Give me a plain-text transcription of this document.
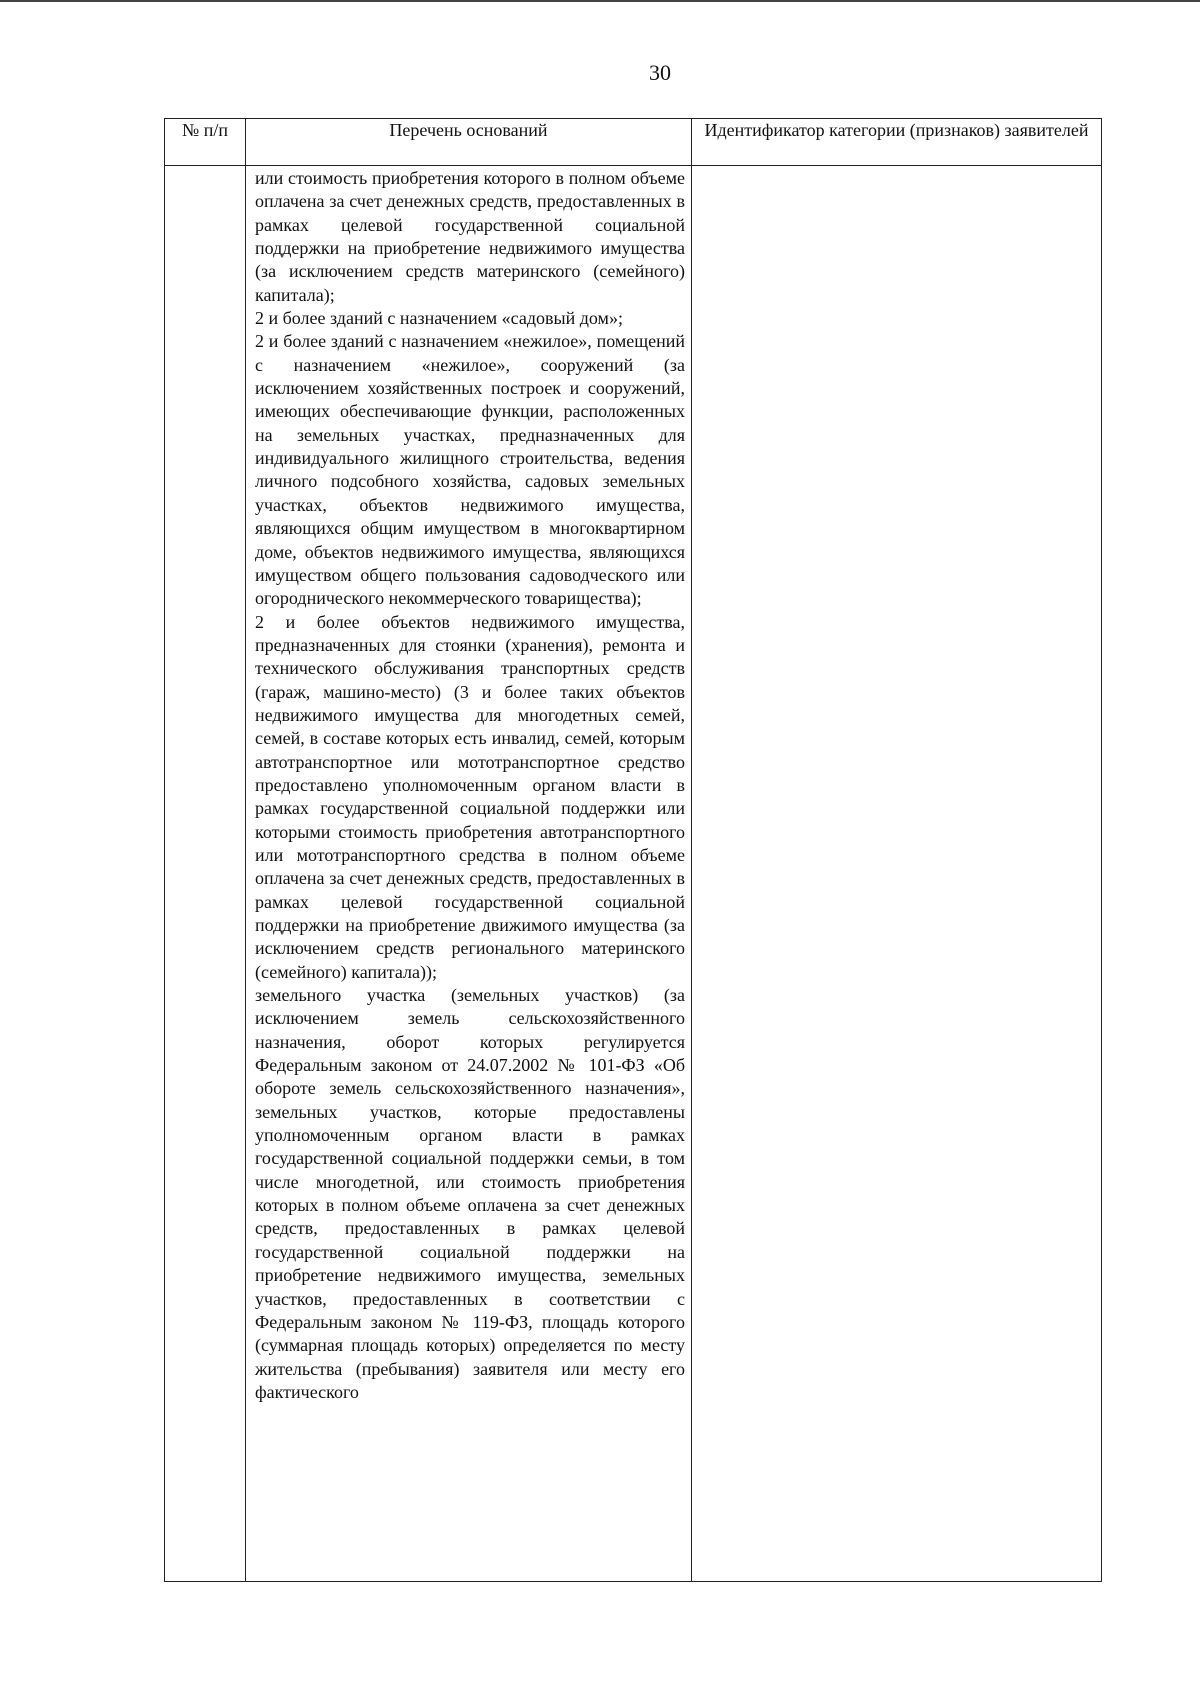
30
№ п/п	Перечень оснований	Идентификатор категории (признаков) заявителей

	или стоимость приобретения которого в полном объеме оплачена за счет денежных средств, предоставленных в рамках целевой государственной социальной поддержки на приобретение недвижимого имущества (за исключением средств материнского (семейного) капитала);

2 и более зданий с назначением «садовый дом»;

2 и более зданий с назначением «нежилое», помещений с назначением «нежилое», сооружений (за исключением хозяйственных построек и сооружений, имеющих обеспечивающие функции, расположенных на земельных участках, предназначенных для индивидуального жилищного строительства, ведения личного подсобного хозяйства, садовых земельных участках, объектов недвижимого имущества, являющихся общим имуществом в многоквартирном доме, объектов недвижимого имущества, являющихся имуществом общего пользования садоводческого или огороднического некоммерческого товарищества);

2 и более объектов недвижимого имущества, предназначенных для стоянки (хранения), ремонта и технического обслуживания транспортных средств (гараж, машино-место) (3 и более таких объектов недвижимого имущества для многодетных семей, семей, в составе которых есть инвалид, семей, которым автотранспортное или мототранспортное средство предоставлено уполномоченным органом власти в рамках государственной социальной поддержки или которыми стоимость приобретения автотранспортного или мототранспортного средства в полном объеме оплачена за счет денежных средств, предоставленных в рамках целевой государственной социальной поддержки на приобретение движимого имущества (за исключением средств регионального материнского (семейного) капитала));

земельного участка (земельных участков) (за исключением земель сельскохозяйственного назначения, оборот которых регулируется Федеральным законом от 24.07.2002 № 101-ФЗ «Об обороте земель сельскохозяйственного назначения», земельных участков, которые предоставлены уполномоченным органом власти в рамках государственной социальной поддержки семьи, в том числе многодетной, или стоимость приобретения которых в полном объеме оплачена за счет денежных средств, предоставленных в рамках целевой государственной социальной поддержки на приобретение недвижимого имущества, земельных участков, предоставленных в соответствии с Федеральным законом № 119-ФЗ, площадь которого (суммарная площадь которых) определяется по месту жительства (пребывания) заявителя или месту его фактического	
